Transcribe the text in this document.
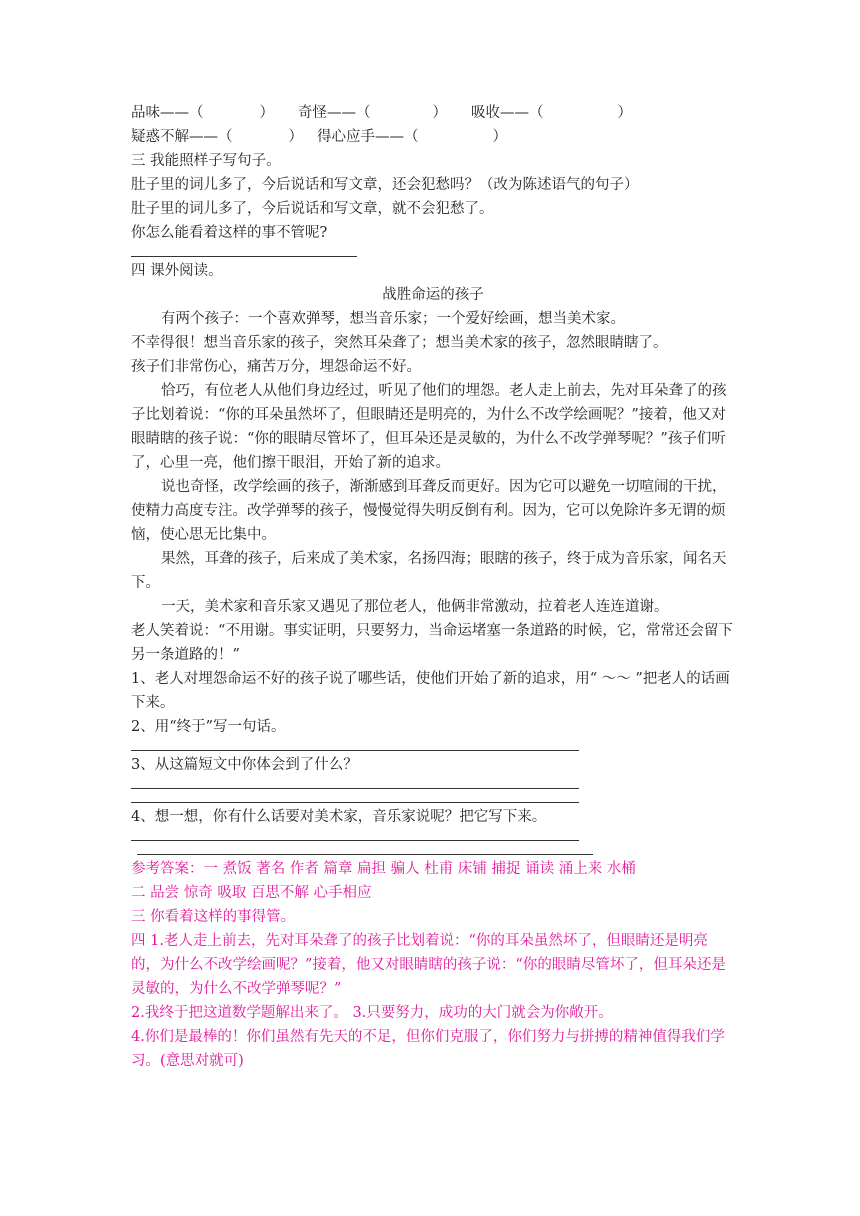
品味——（	） 奇怪——（	） 吸收——（	）
疑惑不解——（	） 得心应手——（	）
三 我能照样子写句子。
肚子里的词儿多了，今后说话和写文章，还会犯愁吗？（改为陈述语气的句子）
肚子里的词儿多了，今后说话和写文章，就不会犯愁了。
你怎么能看着这样的事不管呢?
四 课外阅读。
战胜命运的孩子
有两个孩子：一个喜欢弹琴，想当音乐家；一个爱好绘画，想当美术家。
不幸得很！想当音乐家的孩子，突然耳朵聋了；想当美术家的孩子，忽然眼睛瞎了。
孩子们非常伤心，痛苦万分，埋怨命运不好。
恰巧，有位老人从他们身边经过，听见了他们的埋怨。老人走上前去，先对耳朵聋了的孩子比划着说：“你的耳朵虽然坏了，但眼睛还是明亮的，为什么不改学绘画呢？”接着，他又对眼睛瞎的孩子说：“你的眼睛尽管坏了，但耳朵还是灵敏的，为什么不改学弹琴呢？”孩子们听了，心里一亮，他们擦干眼泪，开始了新的追求。
说也奇怪，改学绘画的孩子，渐渐感到耳聋反而更好。因为它可以避免一切喧闹的干扰，使精力高度专注。改学弹琴的孩子，慢慢觉得失明反倒有利。因为，它可以免除许多无谓的烦恼，使心思无比集中。
果然，耳聋的孩子，后来成了美术家，名扬四海；眼瞎的孩子，终于成为音乐家，闻名天下。
一天，美术家和音乐家又遇见了那位老人，他俩非常激动，拉着老人连连道谢。
老人笑着说：“不用谢。事实证明，只要努力，当命运堵塞一条道路的时候，它，常常还会留下另一条道路的！”
1、老人对埋怨命运不好的孩子说了哪些话，使他们开始了新的追求，用“ ～～ ”把老人的话画下来。
2、用“终于”写一句话。
3、从这篇短文中你体会到了什么？
4、想一想，你有什么话要对美术家，音乐家说呢？把它写下来。
参考答案：一 煮饭 著名 作者 篇章 扁担 骗人 杜甫 床铺 捕捉 诵读 涌上来 水桶
二 品尝 惊奇 吸取 百思不解 心手相应
三 你看着这样的事得管。
四 1.老人走上前去，先对耳朵聋了的孩子比划着说：“你的耳朵虽然坏了，但眼睛还是明亮的，为什么不改学绘画呢？”接着，他又对眼睛瞎的孩子说：“你的眼睛尽管坏了，但耳朵还是灵敏的，为什么不改学弹琴呢？”
2.我终于把这道数学题解出来了。 3.只要努力，成功的大门就会为你敞开。
4.你们是最棒的！你们虽然有先天的不足，但你们克服了，你们努力与拼搏的精神值得我们学习。(意思对就可)
